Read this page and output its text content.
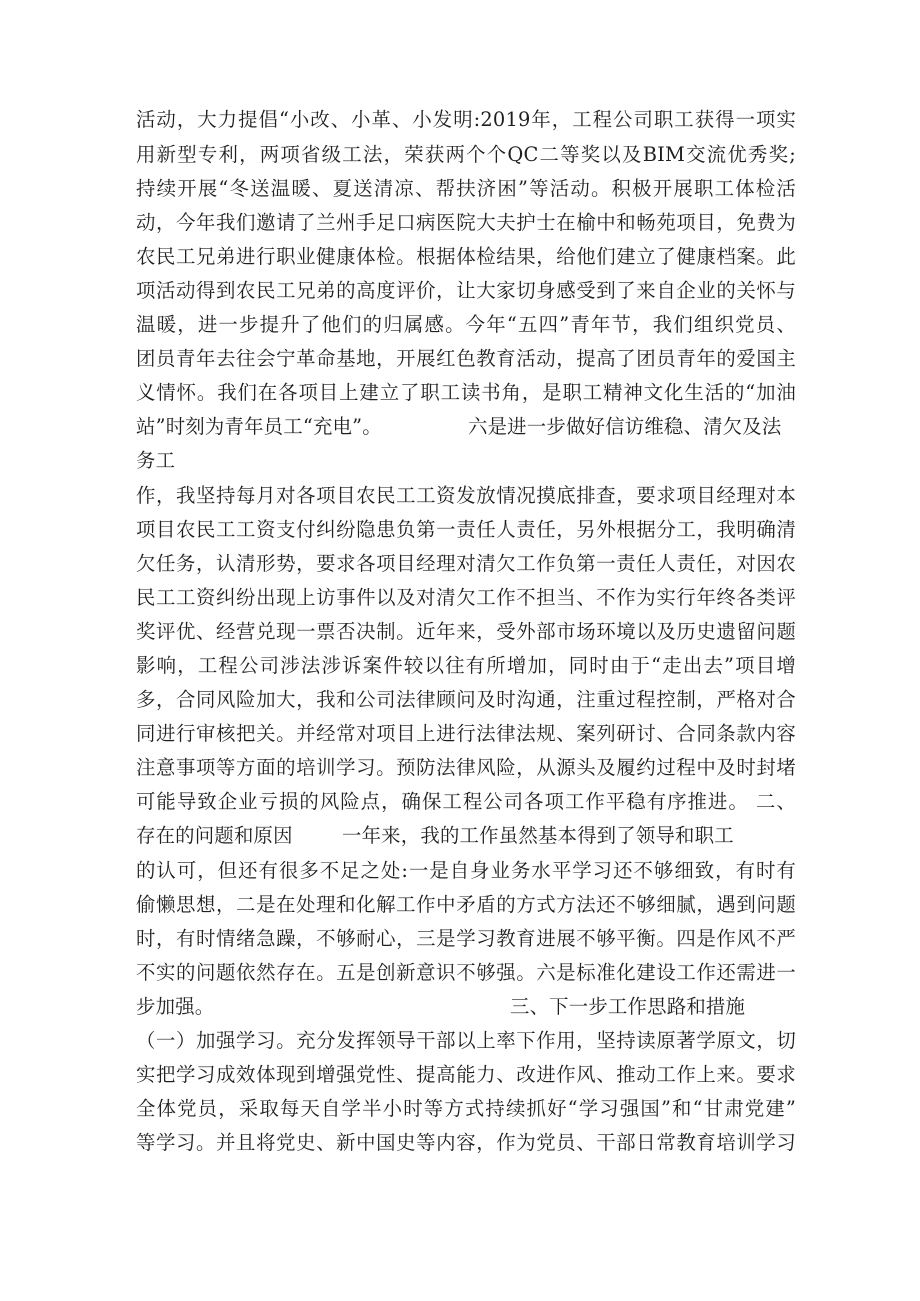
活动，大力提倡“小改、小革、小发明:2019年，工程公司职工获得一项实
用新型专利，两项省级工法，荣获两个个QC二等奖以及BIM交流优秀奖;
持续开展“冬送温暖、夏送清凉、帮扶济困”等活动。积极开展职工体检活
动，今年我们邀请了兰州手足口病医院大夫护士在榆中和畅苑项目，免费为
农民工兄弟进行职业健康体检。根据体检结果，给他们建立了健康档案。此
项活动得到农民工兄弟的高度评价，让大家切身感受到了来自企业的关怀与
温暖，进一步提升了他们的归属感。今年“五四”青年节，我们组织党员、
团员青年去往会宁革命基地，开展红色教育活动，提高了团员青年的爱国主
义情怀。我们在各项目上建立了职工读书角，是职工精神文化生活的“加油
站”时刻为青年员工“充电”。	六是进一步做好信访维稳、清欠及法
务工
作，我坚持每月对各项目农民工工资发放情况摸底排查，要求项目经理对本
项目农民工工资支付纠纷隐患负第一责任人责任，另外根据分工，我明确清
欠任务，认清形势，要求各项目经理对清欠工作负第一责任人责任，对因农
民工工资纠纷出现上访事件以及对清欠工作不担当、不作为实行年终各类评
奖评优、经营兑现一票否决制。近年来，受外部市场环境以及历史遗留问题
影响，工程公司涉法涉诉案件较以往有所增加，同时由于“走出去”项目增
多，合同风险加大，我和公司法律顾问及时沟通，注重过程控制，严格对合
同进行审核把关。并经常对项目上进行法律法规、案列研讨、合同条款内容
注意事项等方面的培训学习。预防法律风险，从源头及履约过程中及时封堵
可能导致企业亏损的风险点，确保工程公司各项工作平稳有序推进。 二、
存在的问题和原因	一年来，我的工作虽然基本得到了领导和职工
的认可，但还有很多不足之处:一是自身业务水平学习还不够细致，有时有
偷懒思想，二是在处理和化解工作中矛盾的方式方法还不够细腻，遇到问题
时，有时情绪急躁，不够耐心，三是学习教育进展不够平衡。四是作风不严
不实的问题依然存在。五是创新意识不够强。六是标准化建设工作还需进一
步加强。	三、下一步工作思路和措施
（一）加强学习。充分发挥领导干部以上率下作用，坚持读原著学原文，切
实把学习成效体现到增强党性、提高能力、改进作风、推动工作上来。要求
全体党员，采取每天自学半小时等方式持续抓好“学习强国”和“甘肃党建”
等学习。并且将党史、新中国史等内容，作为党员、干部日常教育培训学习
